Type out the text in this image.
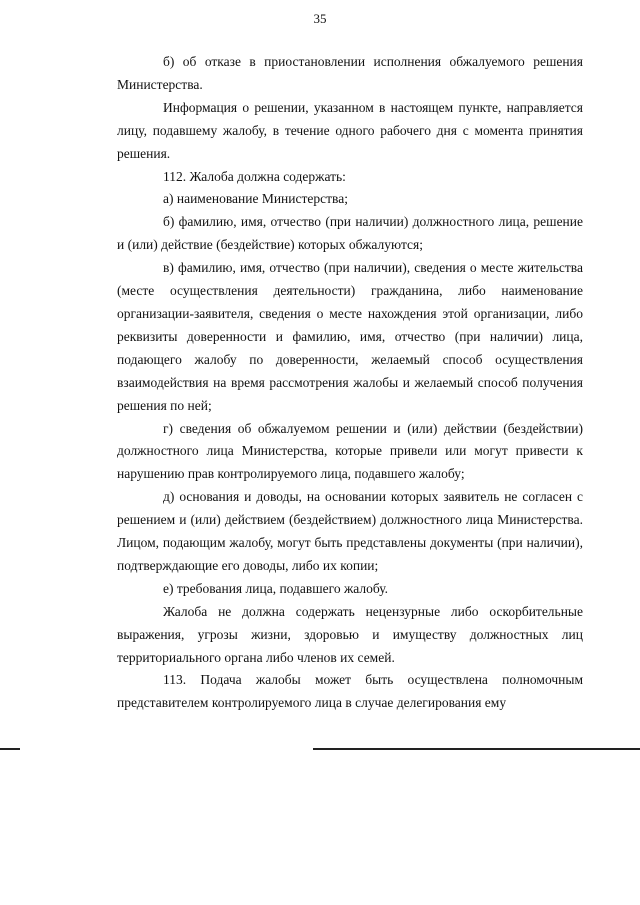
35

б) об отказе в приостановлении исполнения обжалуемого решения Министерства.

Информация о решении, указанном в настоящем пункте, направляется лицу, подавшему жалобу, в течение одного рабочего дня с момента принятия решения.

112. Жалоба должна содержать:

а) наименование Министерства;

б) фамилию, имя, отчество (при наличии) должностного лица, решение и (или) действие (бездействие) которых обжалуются;

в) фамилию, имя, отчество (при наличии), сведения о месте жительства (месте осуществления деятельности) гражданина, либо наименование организации-заявителя, сведения о месте нахождения этой организации, либо реквизиты доверенности и фамилию, имя, отчество (при наличии) лица, подающего жалобу по доверенности, желаемый способ осуществления взаимодействия на время рассмотрения жалобы и желаемый способ получения решения по ней;

г) сведения об обжалуемом решении и (или) действии (бездействии) должностного лица Министерства, которые привели или могут привести к нарушению прав контролируемого лица, подавшего жалобу;

д) основания и доводы, на основании которых заявитель не согласен с решением и (или) действием (бездействием) должностного лица Министерства. Лицом, подающим жалобу, могут быть представлены документы (при наличии), подтверждающие его доводы, либо их копии;

е) требования лица, подавшего жалобу.

Жалоба не должна содержать нецензурные либо оскорбительные выражения, угрозы жизни, здоровью и имуществу должностных лиц территориального органа либо членов их семей.

113. Подача жалобы может быть осуществлена полномочным представителем контролируемого лица в случае делегирования ему
